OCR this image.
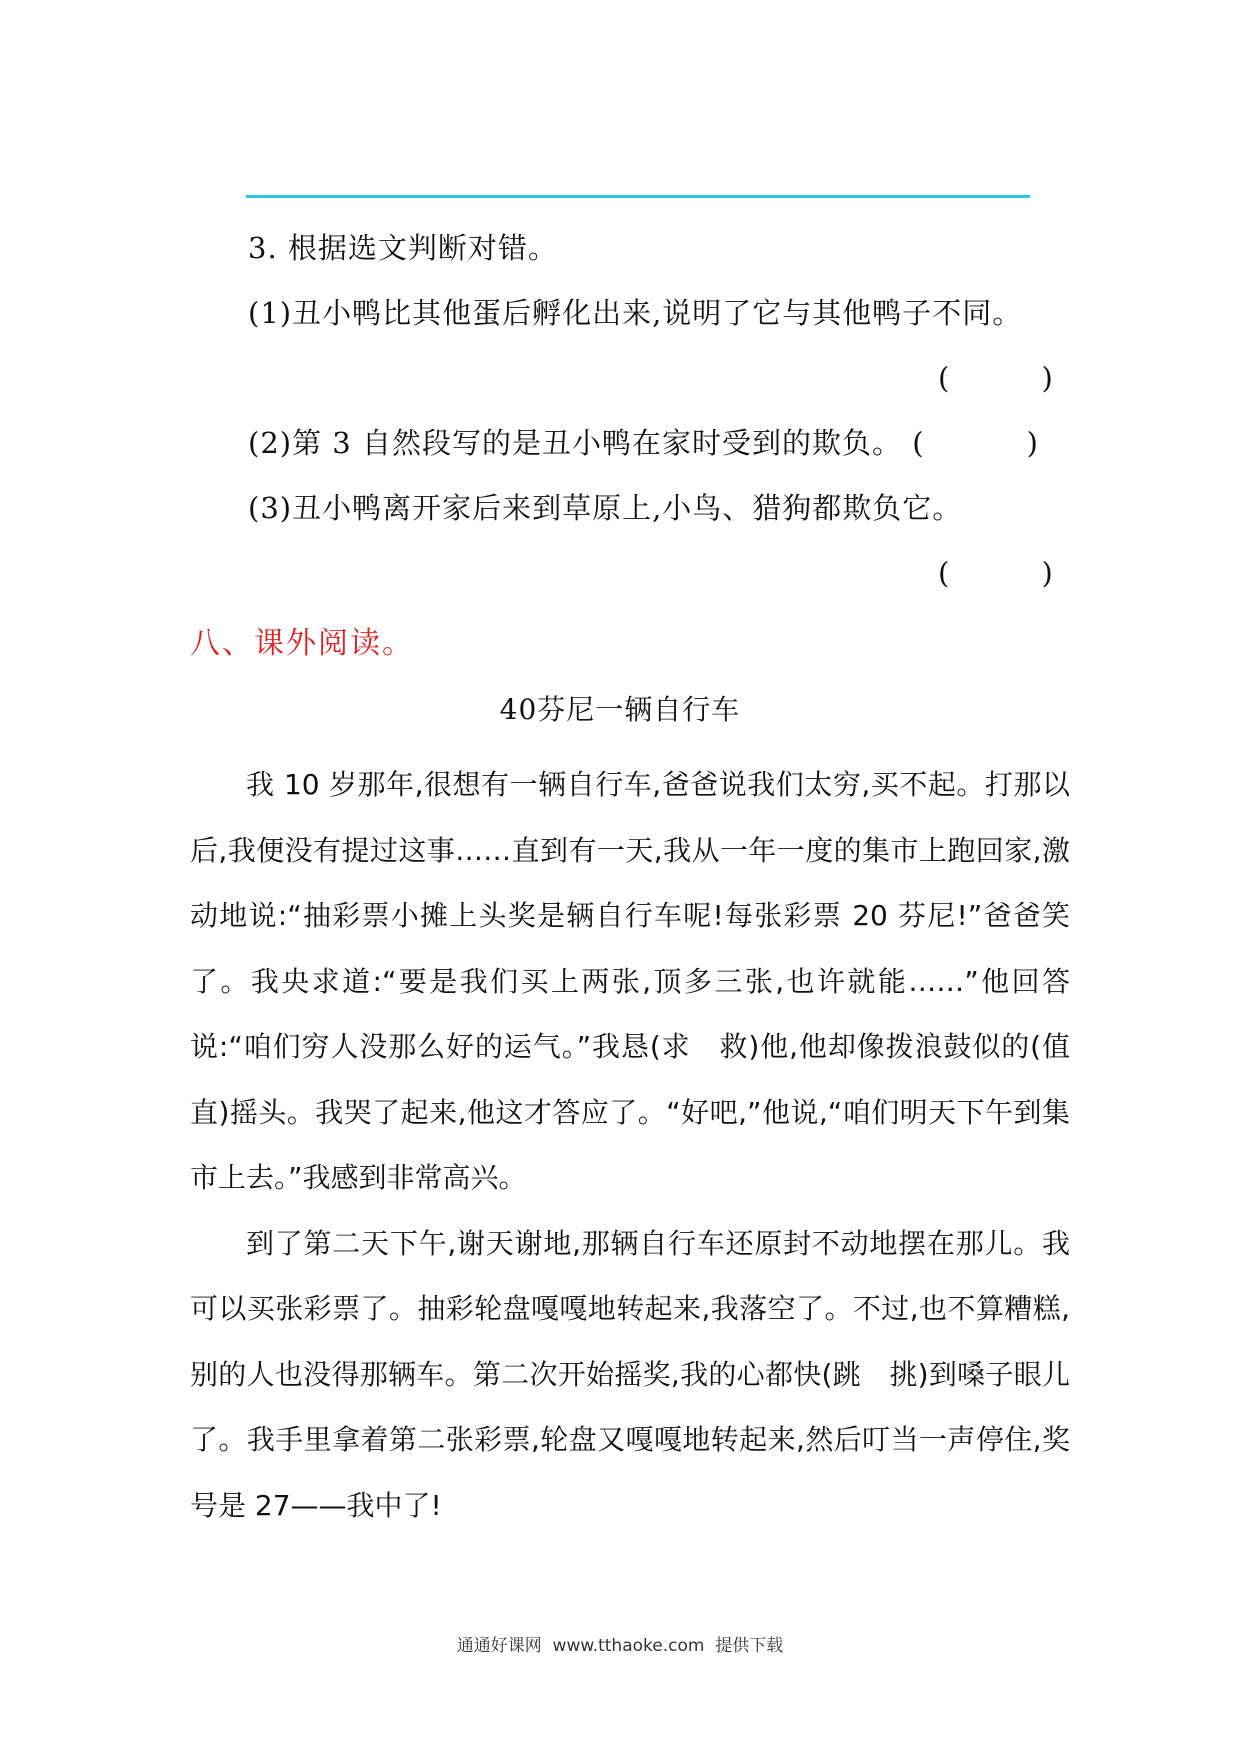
3. 根据选文判断对错。
(1)丑小鸭比其他蛋后孵化出来,说明了它与其他鸭子不同。
(          )
(2)第 3 自然段写的是丑小鸭在家时受到的欺负。 (          )
(3)丑小鸭离开家后来到草原上,小鸟、猎狗都欺负它。
(          )
八、课外阅读。
40芬尼一辆自行车

我 10 岁那年,很想有一辆自行车,爸爸说我们太穷,买不起。打那以后,我便没有提过这事……直到有一天,我从一年一度的集市上跑回家,激动地说:“抽彩票小摊上头奖是辆自行车呢!每张彩票 20 芬尼!”爸爸笑了。我央求道:“要是我们买上两张,顶多三张,也许就能……”他回答说:“咱们穷人没那么好的运气。”我恳(求　救)他,他却像拨浪鼓似的(值　直)摇头。我哭了起来,他这才答应了。“好吧,”他说,“咱们明天下午到集市上去。”我感到非常高兴。

到了第二天下午,谢天谢地,那辆自行车还原封不动地摆在那儿。我可以买张彩票了。抽彩轮盘嘎嘎地转起来,我落空了。不过,也不算糟糕,别的人也没得那辆车。第二次开始摇奖,我的心都快(跳　挑)到嗓子眼儿了。我手里拿着第二张彩票,轮盘又嘎嘎地转起来,然后叮当一声停住,奖号是 27——我中了!

通通好课网  www.tthaoke.com  提供下载
